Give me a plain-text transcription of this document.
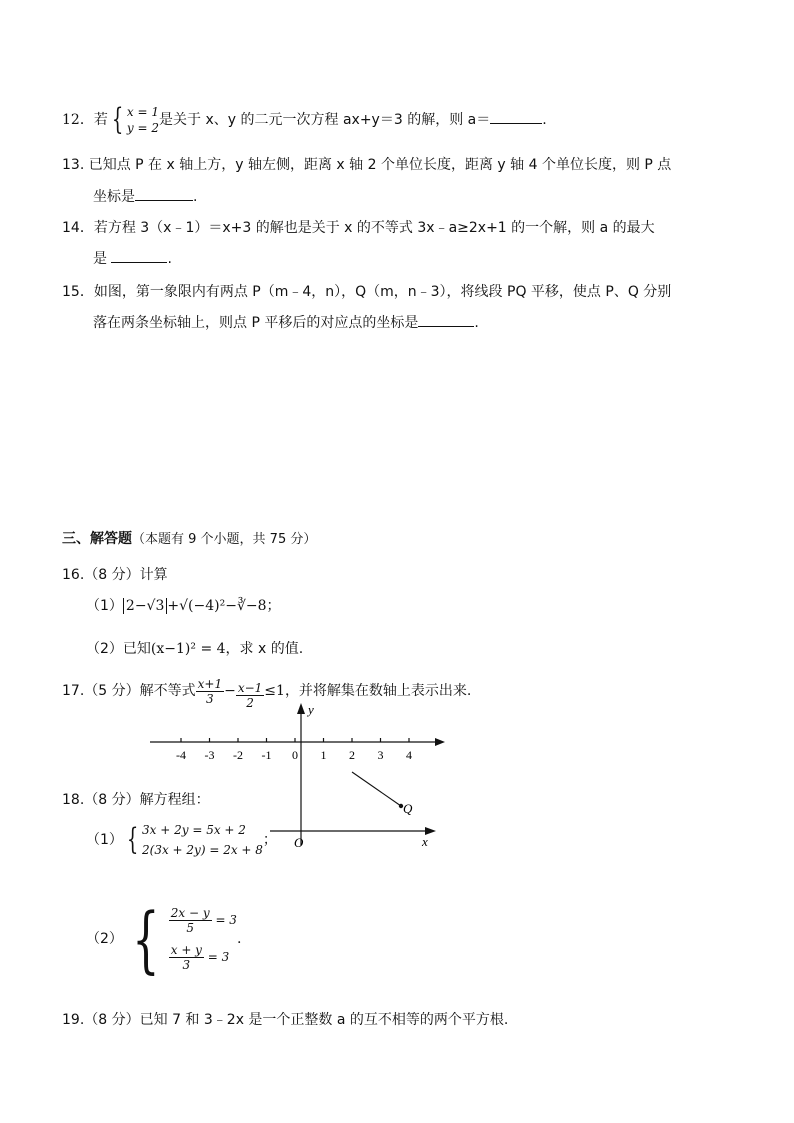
12．若 { x = 1
y = 2 是关于 x、y 的二元一次方程 ax+y＝3 的解，则 a＝	.
13. 已知点 P 在 x 轴上方，y 轴左侧，距离 x 轴 2 个单位长度，距离 y 轴 4 个单位长度，则 P 点
坐标是	.
14．若方程 3（x﹣1）＝x+3 的解也是关于 x 的不等式 3x﹣a≥2x+1 的一个解，则 a 的最大
是	.
15．如图，第一象限内有两点 P（m﹣4，n），Q（m，n﹣3），将线段 PQ 平移，使点 P、Q 分别
落在两条坐标轴上，则点 P 平移后的对应点的坐标是	.
三、解答题（本题有 9 个小题，共 75 分）
16.（8 分）计算
（1） 2−√3 +√(−4)²−∛−8；
（2）已知(x−1)² = 4，求 x 的值.
17.（5 分）解不等式 $\frac{x+1}{3} - \frac{x-1}{2} \le 1$，并将解集在数轴上表示出来.
-4 -3 -2 -1 0 1 2 3 4
y
x
O
Q
18.（8 分）解方程组：
（1） { 3x + 2y = 5x + 2
2(3x + 2y) = 2x + 8
；
（2） { $\frac{2x - y}{5} = 3$
$\frac{x + y}{3} = 3$
.
19.（8 分）已知 7 和 3﹣2x 是一个正整数 a 的互不相等的两个平方根.
